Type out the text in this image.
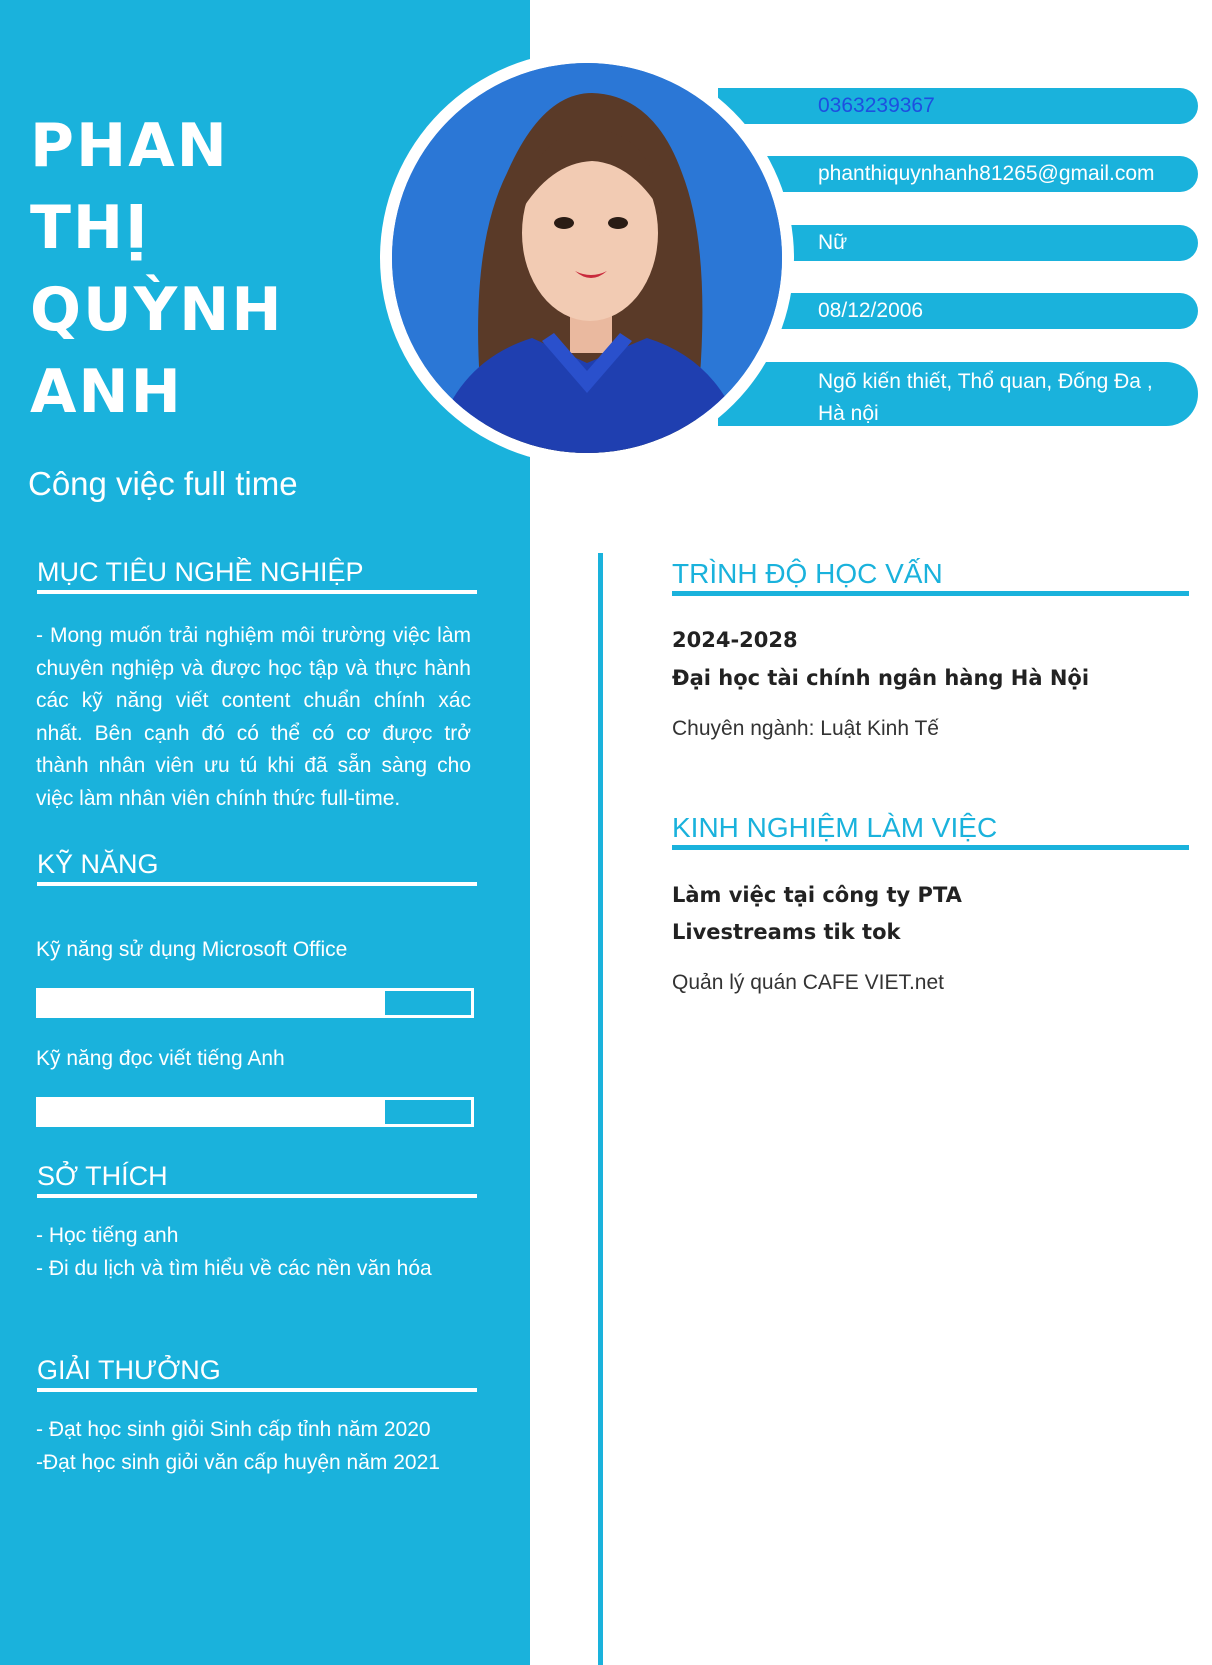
PHAN
THỊ
QUỲNH
ANH
Công việc full time
MỤC TIÊU NGHỀ NGHIỆP
- Mong muốn trải nghiệm môi trường việc làm chuyên nghiệp và được học tập và thực hành các kỹ năng viết content chuẩn chính xác nhất. Bên cạnh đó có thể có cơ được trở thành nhân viên ưu tú khi đã sẵn sàng cho việc làm nhân viên chính thức full-time.
KỸ NĂNG
Kỹ năng sử dụng Microsoft Office
Kỹ năng đọc viết tiếng Anh
SỞ THÍCH
- Học tiếng anh
- Đi du lịch và tìm hiểu về các nền văn hóa
GIẢI THƯỞNG
- Đạt học sinh giỏi Sinh cấp tỉnh năm 2020
-Đạt học sinh giỏi văn cấp huyện năm 2021
0363239367
phanthiquynhanh81265@gmail.com
Nữ
08/12/2006
Ngõ kiến thiết, Thổ quan, Đống Đa ,
Hà nội
TRÌNH ĐỘ HỌC VẤN
2024-2028
Đại học tài chính ngân hàng Hà Nội
Chuyên ngành: Luật Kinh Tế
KINH NGHIỆM LÀM VIỆC
Làm việc tại công ty PTA
Livestreams tik tok
Quản lý quán CAFE VIET.net
